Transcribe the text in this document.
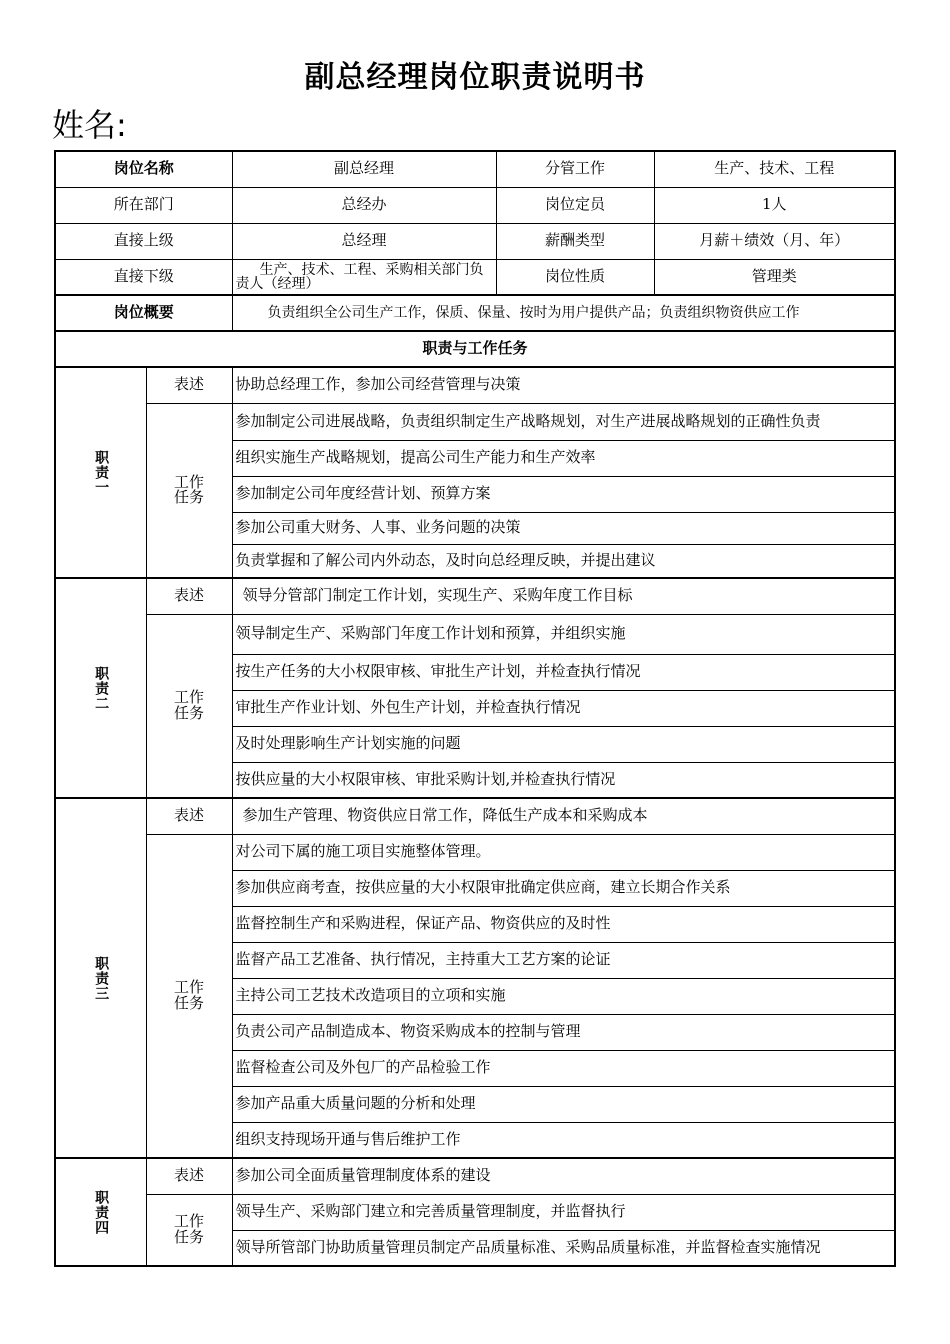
副总经理岗位职责说明书
姓名:
岗位名称		副总经理	分管工作	生产、技术、工程
所在部门		总经办	岗位定员	1人
直接上级		总经理	薪酬类型	月薪＋绩效（月、年）
直接下级		生产、技术、工程、采购相关部门负责人（经理）	岗位性质	管理类
岗位概要		负责组织全公司生产工作，保质、保量、按时为用户提供产品；负责组织物资供应工作		
职责与工作任务				

职责一	表述	协助总经理工作，参加公司经营管理与决策		
	工作任务	参加制定公司进展战略，负责组织制定生产战略规划，对生产进展战略规划的正确性负责		
		组织实施生产战略规划，提高公司生产能力和生产效率		
		参加制定公司年度经营计划、预算方案		
		参加公司重大财务、人事、业务问题的决策		
		负责掌握和了解公司内外动态，及时向总经理反映，并提出建议		

职责二	表述	领导分管部门制定工作计划，实现生产、采购年度工作目标		
	工作任务	领导制定生产、采购部门年度工作计划和预算，并组织实施		
		按生产任务的大小权限审核、审批生产计划，并检查执行情况		
		审批生产作业计划、外包生产计划，并检查执行情况		
		及时处理影响生产计划实施的问题		
		按供应量的大小权限审核、审批采购计划,并检查执行情况		

职责三	表述	参加生产管理、物资供应日常工作，降低生产成本和采购成本		
	工作任务	对公司下属的施工项目实施整体管理。		
		参加供应商考查，按供应量的大小权限审批确定供应商，建立长期合作关系		
		监督控制生产和采购进程，保证产品、物资供应的及时性		
		监督产品工艺准备、执行情况，主持重大工艺方案的论证		
		主持公司工艺技术改造项目的立项和实施		
		负责公司产品制造成本、物资采购成本的控制与管理		
		监督检查公司及外包厂的产品检验工作		
		参加产品重大质量问题的分析和处理		
		组织支持现场开通与售后维护工作		

职责四	表述	参加公司全面质量管理制度体系的建设		
	工作任务	领导生产、采购部门建立和完善质量管理制度，并监督执行		
		领导所管部门协助质量管理员制定产品质量标准、采购品质量标准，并监督检查实施情况		
